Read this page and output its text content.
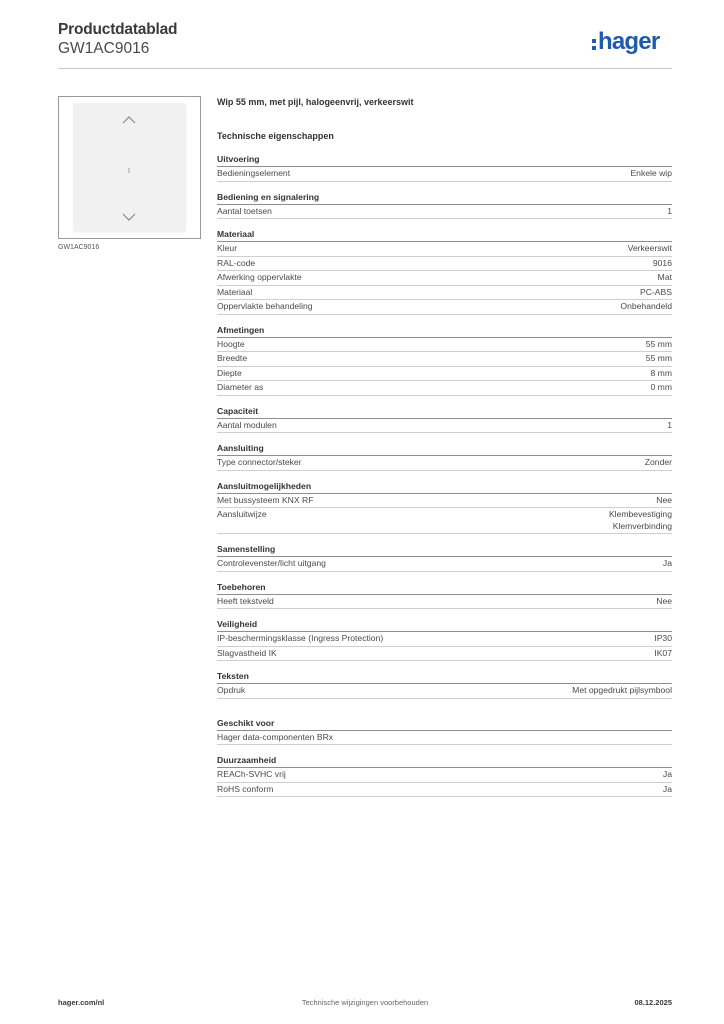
Productdatablad
GW1AC9016	hager
GW1AC9016
Wip 55 mm, met pijl, halogeenvrij, verkeerswit
Technische eigenschappen
Uitvoering
Bedieningselement	Enkele wip
Bediening en signalering
Aantal toetsen	1
Materiaal
Kleur	Verkeerswit
RAL-code	9016
Afwerking oppervlakte	Mat
Materiaal	PC-ABS
Oppervlakte behandeling	Onbehandeld
Afmetingen
Hoogte	55 mm
Breedte	55 mm
Diepte	8 mm
Diameter as	0 mm
Capaciteit
Aantal modulen	1
Aansluiting
Type connector/steker	Zonder
Aansluitmogelijkheden
Met bussysteem KNX RF	Nee
Aansluitwijze	Klembevestiging
Klemverbinding
Samenstelling
Controlevenster/licht uitgang	Ja
Toebehoren
Heeft tekstveld	Nee
Veiligheid
IP-beschermingsklasse (Ingress Protection)	IP30
Slagvastheid IK	IK07
Teksten
Opdruk	Met opgedrukt pijlsymbool
Geschikt voor
Hager data-componenten BRx
Duurzaamheid
REACh-SVHC vrij	Ja
RoHS conform	Ja
hager.com/nl	Technische wijzigingen voorbehouden	08.12.2025
